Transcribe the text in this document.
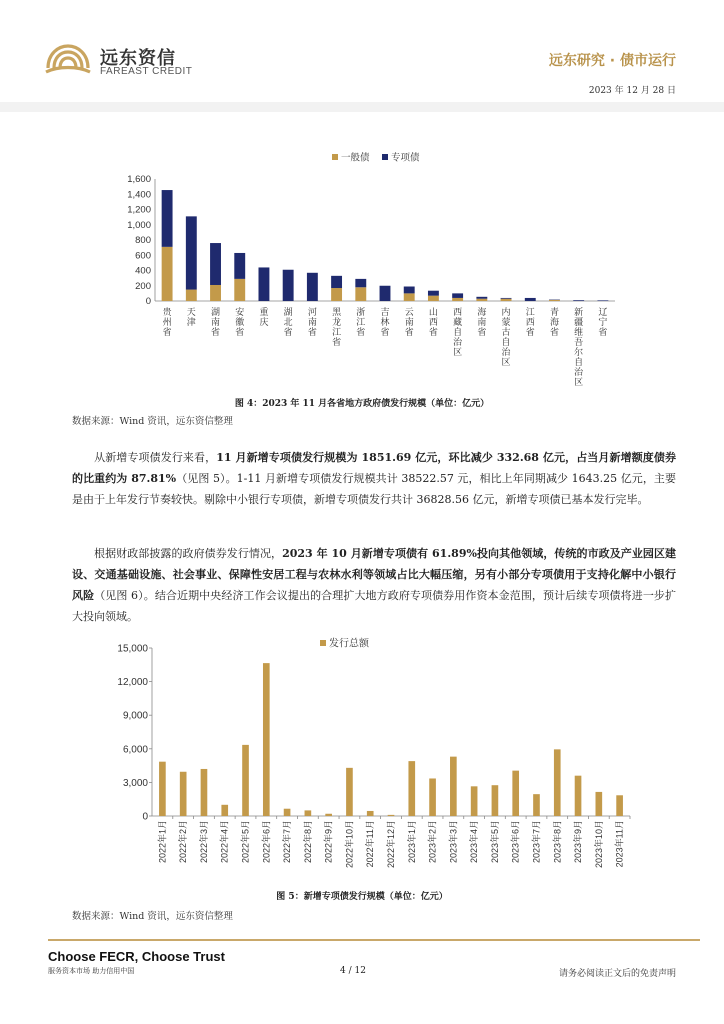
远东资信
FAREAST CREDIT
远东研究 · 债市运行
2023 年 12 月 28 日
0
200
400
600
800
1,000
1,200
1,400
1,600
贵州省
天津
湖南省
安徽省
重庆
湖北省
河南省
黑龙江省
浙江省
吉林省
云南省
山西省
西藏自治区
海南省
内蒙古自治区
江西省
青海省
新疆维吾尔自治区
辽宁省
一般债 专项债
图 4：2023 年 11 月各省地方政府债发行规模（单位：亿元）
数据来源：Wind 资讯，远东资信整理
从新增专项债发行来看，11 月新增专项债发行规模为 1851.69 亿元，环比减少 332.68 亿元，占当月新增额度债券的比重约为 87.81%（见图 5）。1-11 月新增专项债发行规模共计 38522.57 元，相比上年同期减少 1643.25 亿元，主要是由于上年发行节奏较快。剔除中小银行专项债，新增专项债发行共计 36828.56 亿元，新增专项债已基本发行完毕。
根据财政部披露的政府债券发行情况，2023 年 10 月新增专项债有 61.89%投向其他领域，传统的市政及产业园区建设、交通基础设施、社会事业、保障性安居工程与农林水利等领域占比大幅压缩，另有小部分专项债用于支持化解中小银行风险（见图 6）。结合近期中央经济工作会议提出的合理扩大地方政府专项债券用作资本金范围，预计后续专项债将进一步扩大投向领域。
0
3,000
6,000
9,000
12,000
15,000
2022年1月 2022年2月 2022年3月 2022年4月 2022年5月 2022年6月 2022年7月 2022年8月 2022年9月 2022年10月 2022年11月 2022年12月 2023年1月 2023年2月 2023年3月 2023年4月 2023年5月 2023年6月 2023年7月 2023年8月 2023年9月 2023年10月 2023年11月
发行总额
图 5：新增专项债发行规模（单位：亿元）
数据来源：Wind 资讯，远东资信整理
Choose FECR, Choose Trust
服务资本市场 助力信用中国	4 / 12	请务必阅读正文后的免责声明
